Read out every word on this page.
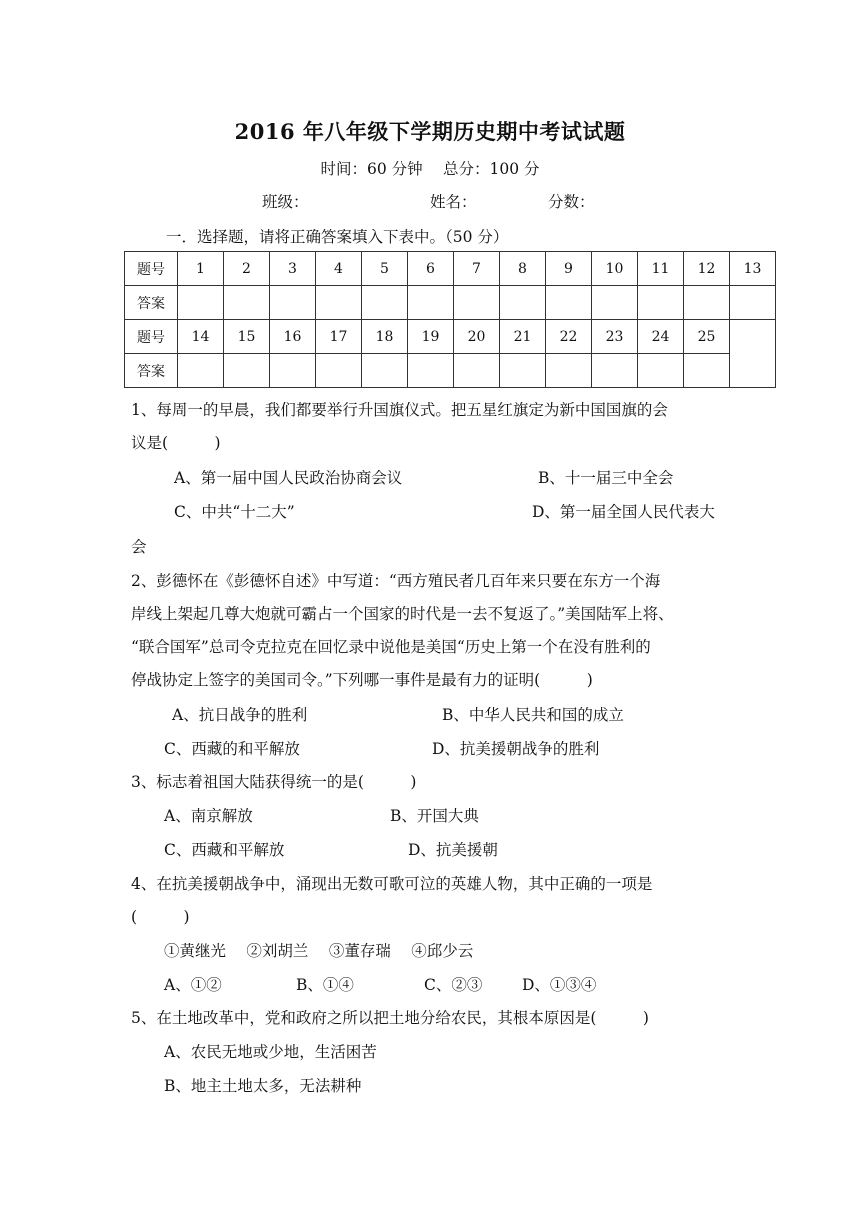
2016 年八年级下学期历史期中考试试题
时间：60 分钟　 总分：100 分
班级：	姓名：	分数：
一．选择题，请将正确答案填入下表中。（50 分）
题号	1	2	3	4	5	6	7	8	9	10	11	12	13
答案													
题号	14	15	16	17	18	19	20	21	22	23	24	25	
答案													
1、每周一的早晨，我们都要举行升国旗仪式。把五星红旗定为新中国国旗的会
议是(　　　)
A、第一届中国人民政治协商会议	B、十一届三中全会
C、中共“十二大”	D、第一届全国人民代表大
会
2、彭德怀在《彭德怀自述》中写道：“西方殖民者几百年来只要在东方一个海
岸线上架起几尊大炮就可霸占一个国家的时代是一去不复返了。”美国陆军上将、
“联合国军”总司令克拉克在回忆录中说他是美国“历史上第一个在没有胜利的
停战协定上签字的美国司令。”下列哪一事件是最有力的证明(　　　)
A、抗日战争的胜利	B、中华人民共和国的成立
C、西藏的和平解放	D、抗美援朝战争的胜利
3、标志着祖国大陆获得统一的是(　　　)
A、南京解放	B、开国大典
C、西藏和平解放	D、抗美援朝
4、在抗美援朝战争中，涌现出无数可歌可泣的英雄人物，其中正确的一项是
(　　　)
①黄继光　 ②刘胡兰　 ③董存瑞　 ④邱少云
A、①②	B、①④	C、②③	D、①③④
5、在土地改革中，党和政府之所以把土地分给农民，其根本原因是(　　　)
A、农民无地或少地，生活困苦
B、地主土地太多，无法耕种
